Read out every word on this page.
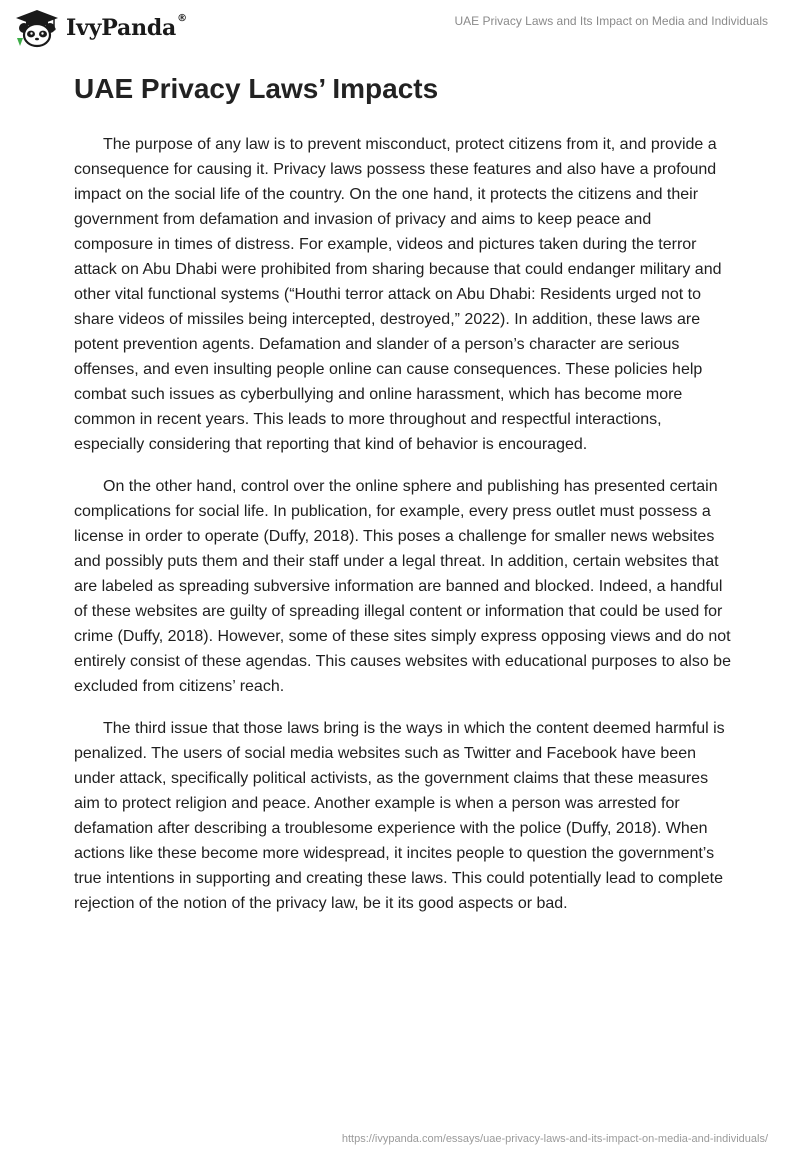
IvyPanda®	UAE Privacy Laws and Its Impact on Media and Individuals
UAE Privacy Laws’ Impacts

The purpose of any law is to prevent misconduct, protect citizens from it, and provide a consequence for causing it. Privacy laws possess these features and also have a profound impact on the social life of the country. On the one hand, it protects the citizens and their government from defamation and invasion of privacy and aims to keep peace and composure in times of distress. For example, videos and pictures taken during the terror attack on Abu Dhabi were prohibited from sharing because that could endanger military and other vital functional systems (“Houthi terror attack on Abu Dhabi: Residents urged not to share videos of missiles being intercepted, destroyed,” 2022). In addition, these laws are potent prevention agents. Defamation and slander of a person’s character are serious offenses, and even insulting people online can cause consequences. These policies help combat such issues as cyberbullying and online harassment, which has become more common in recent years. This leads to more throughout and respectful interactions, especially considering that reporting that kind of behavior is encouraged.

On the other hand, control over the online sphere and publishing has presented certain complications for social life. In publication, for example, every press outlet must possess a license in order to operate (Duffy, 2018). This poses a challenge for smaller news websites and possibly puts them and their staff under a legal threat. In addition, certain websites that are labeled as spreading subversive information are banned and blocked. Indeed, a handful of these websites are guilty of spreading illegal content or information that could be used for crime (Duffy, 2018). However, some of these sites simply express opposing views and do not entirely consist of these agendas. This causes websites with educational purposes to also be excluded from citizens’ reach.

The third issue that those laws bring is the ways in which the content deemed harmful is penalized. The users of social media websites such as Twitter and Facebook have been under attack, specifically political activists, as the government claims that these measures aim to protect religion and peace. Another example is when a person was arrested for defamation after describing a troublesome experience with the police (Duffy, 2018). When actions like these become more widespread, it incites people to question the government’s true intentions in supporting and creating these laws. This could potentially lead to complete rejection of the notion of the privacy law, be it its good aspects or bad.

https://ivypanda.com/essays/uae-privacy-laws-and-its-impact-on-media-and-individuals/
